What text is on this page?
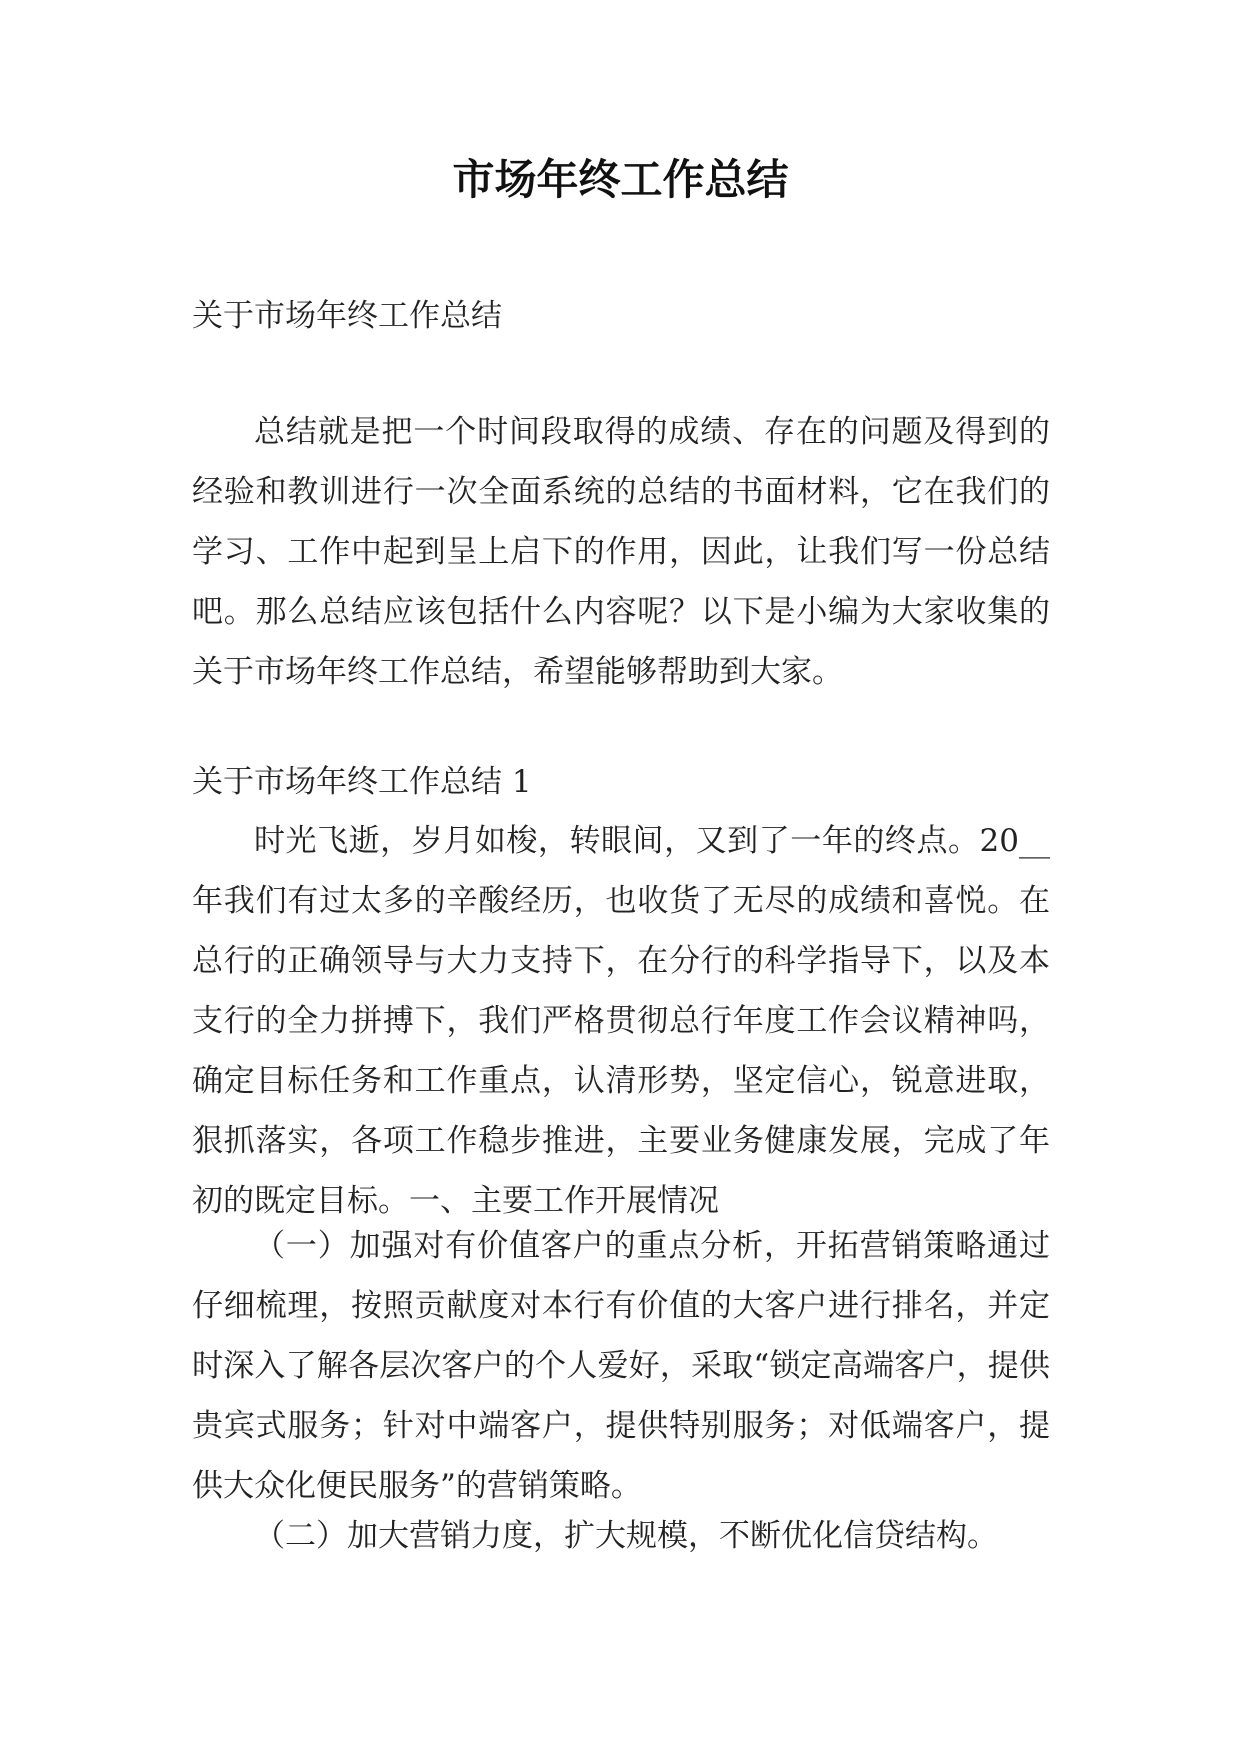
市场年终工作总结

关于市场年终工作总结

总结就是把一个时间段取得的成绩、存在的问题及得到的经验和教训进行一次全面系统的总结的书面材料，它在我们的学习、工作中起到呈上启下的作用，因此，让我们写一份总结吧。那么总结应该包括什么内容呢？以下是小编为大家收集的关于市场年终工作总结，希望能够帮助到大家。

关于市场年终工作总结 1

时光飞逝，岁月如梭，转眼间，又到了一年的终点。20__年我们有过太多的辛酸经历，也收货了无尽的成绩和喜悦。在总行的正确领导与大力支持下，在分行的科学指导下，以及本支行的全力拼搏下，我们严格贯彻总行年度工作会议精神吗，确定目标任务和工作重点，认清形势，坚定信心，锐意进取，狠抓落实，各项工作稳步推进，主要业务健康发展，完成了年初的既定目标。一、主要工作开展情况

（一）加强对有价值客户的重点分析，开拓营销策略通过仔细梳理，按照贡献度对本行有价值的大客户进行排名，并定时深入了解各层次客户的个人爱好，采取“锁定高端客户，提供贵宾式服务；针对中端客户，提供特别服务；对低端客户，提供大众化便民服务”的营销策略。

（二）加大营销力度，扩大规模，不断优化信贷结构。
